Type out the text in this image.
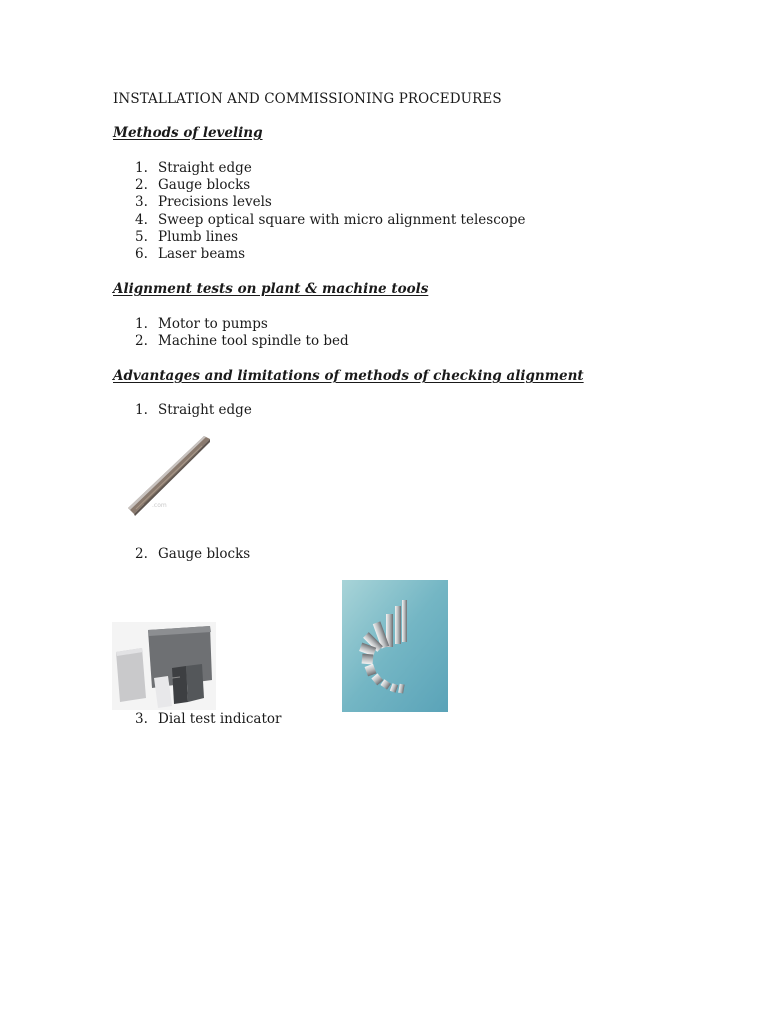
INSTALLATION AND COMMISSIONING PROCEDURES
Methods of leveling
1. Straight edge
2. Gauge blocks
3. Precisions levels
4. Sweep optical square with micro alignment telescope
5. Plumb lines
6. Laser beams
Alignment tests on plant & machine tools
1. Motor to pumps
2. Machine tool spindle to bed
Advantages and limitations of methods of checking alignment
1. Straight edge
.com
2. Gauge blocks
3. Dial test indicator
